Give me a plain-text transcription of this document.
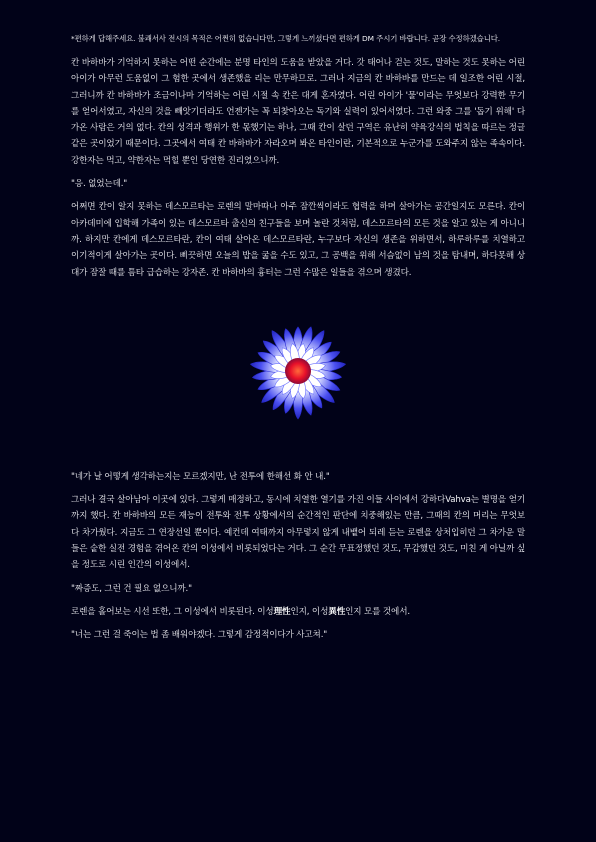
*편하게 답해주세요. 불쾌서사 전시의 목적은 어쩐히 없습니다만, 그렇게 느끼셨다면 편하게 DM 주시기 바랍니다. 곧장 수정하겠습니다.

칸 바하바가 기억하지 못하는 어떤 순간에는 분명 타인의 도움을 받았을 거다. 갓 태어나 걷는 것도, 말하는 것도 못하는 어린 아이가 아무런 도움없이 그 험한 곳에서 생존했을 리는 만무하므로. 그러나 지금의 칸 바하바를 만드는 데 일조한 어린 시절, 그러니까 칸 바하바가 조금이나마 기억하는 어린 시절 속 칸은 대게 혼자였다. 어린 아이가 '물'이라는 무엇보다 강력한 무기를 얻어서였고, 자신의 것을 빼앗기더라도 언젠가는 꼭 되찾아오는 독기와 실력이 있어서였다. 그런 와중 그를 '돕기 위해' 다가온 사람은 거의 없다. 칸의 성격과 행위가 한 몫했기는 하나, 그때 칸이 살던 구역은 유난히 약육강식의 법칙을 따르는 정글같은 곳이었기 때문이다. 그곳에서 여태 칸 바하바가 자라오며 봐온 타인이란, 기본적으로 누군가를 도와주지 않는 족속이다. 강한자는 먹고, 약한자는 먹힐 뿐인 당연한 진리였으니까.

"응. 없었는데."

어쩌면 칸이 알지 못하는 데스모르타는 로렌의 말마따나 아주 잠깐씩이라도 협력을 하며 살아가는 공간일지도 모른다. 칸이 아카데미에 입학해 가족이 있는 데스모르타 출신의 친구들을 보며 놀란 것처럼, 데스모르타의 모든 것을 알고 있는 게 아니니까. 하지만 칸에게 데스모르타란, 칸이 여태 살아온 데스모르타란, 누구보다 자신의 생존을 위하면서, 하루하루를 치열하고 이기적이게 살아가는 곳이다. 삐끗하면 오늘의 밥을 굶을 수도 있고, 그 공백을 위해 서슴없이 남의 것을 탐내며, 하다못해 상대가 잠잘 때를 틈타 급습하는 강자존. 칸 바하바의 흉터는 그런 수많은 일들을 겪으며 생겼다.

"네가 날 어떻게 생각하는지는 모르겠지만, 난 전투에 한해선 화 안 내."

그러나 결국 살아남아 이곳에 있다. 그렇게 매정하고, 동시에 치열한 열기를 가진 이들 사이에서 강하다Vahva는 별명을 얻기까지 했다. 칸 바하바의 모든 재능이 전투와 전투 상황에서의 순간적인 판단에 치중해있는 만큼, 그때의 칸의 머리는 무엇보다 차가웠다. 지금도 그 연장선일 뿐이다. 예컨데 여태까지 아무렇지 않게 내뱉어 되레 듣는 로렌을 상처입히던 그 차가운 말들은 숱한 실전 경험을 겪어온 칸의 이성에서 비롯되었다는 거다. 그 순간 무표정했던 것도, 무감했던 것도, 미친 게 아닐까 싶을 정도로 시린 인간의 이성에서.

"짜증도, 그런 건 필요 없으니까."

로렌을 홀어보는 시선 또한, 그 이성에서 비롯된다. 이성理性인지, 이성異性인지 모를 것에서.

"너는 그런 걸 죽이는 법 좀 배워야겠다. 그렇게 감정적이다가 사고쳐."
